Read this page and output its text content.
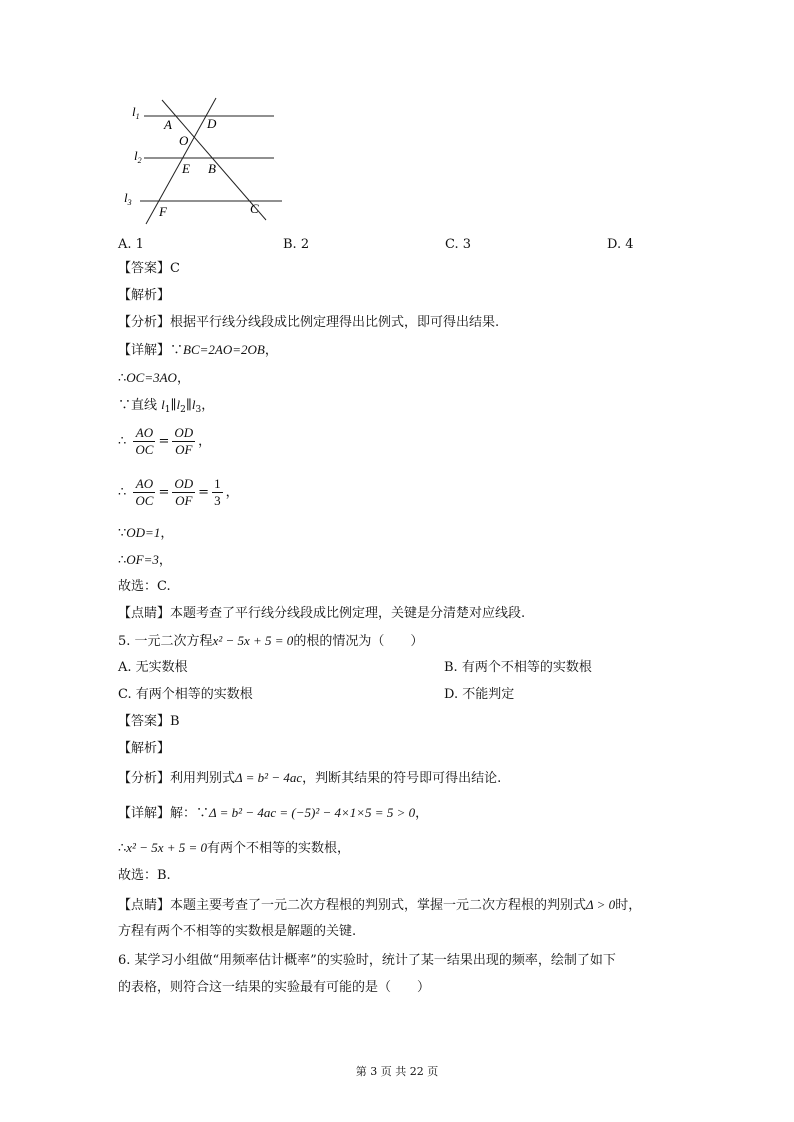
$l_1$
$l_2$
$l_3$
A	D
O
E B
F	C
A. 1	B. 2	C. 3	D. 4
【答案】C
【解析】
【分析】根据平行线分线段成比例定理得出比例式，即可得出结果.
【详解】∵BC=2AO=2OB，
∴OC=3AO，
∵直线 $l_1\parallel l_2\parallel l_3$，
∴ $\frac{AO}{OC} = \frac{OD}{OF}$ ，
∴ $\frac{AO}{OC} = \frac{OD}{OF} = \frac{1}{3}$ ，
∵OD=1，
∴OF=3，
故选：C.
【点睛】本题考查了平行线分线段成比例定理，关键是分清楚对应线段.
5. 一元二次方程x² − 5x + 5 = 0的根的情况为（　　）
A. 无实数根	B. 有两个不相等的实数根
C. 有两个相等的实数根	D. 不能判定
【答案】B
【解析】
【分析】利用判别式Δ = b² − 4ac，判断其结果的符号即可得出结论.
【详解】解：∵Δ = b² − 4ac = (−5)² − 4×1×5 = 5 > 0，
∴x² − 5x + 5 = 0有两个不相等的实数根，
故选：B.
【点睛】本题主要考查了一元二次方程根的判别式，掌握一元二次方程根的判别式Δ > 0时，
方程有两个不相等的实数根是解题的关键.
6. 某学习小组做“用频率估计概率”的实验时，统计了某一结果出现的频率，绘制了如下
的表格，则符合这一结果的实验最有可能的是（　　）
第 3 页 共 22 页
